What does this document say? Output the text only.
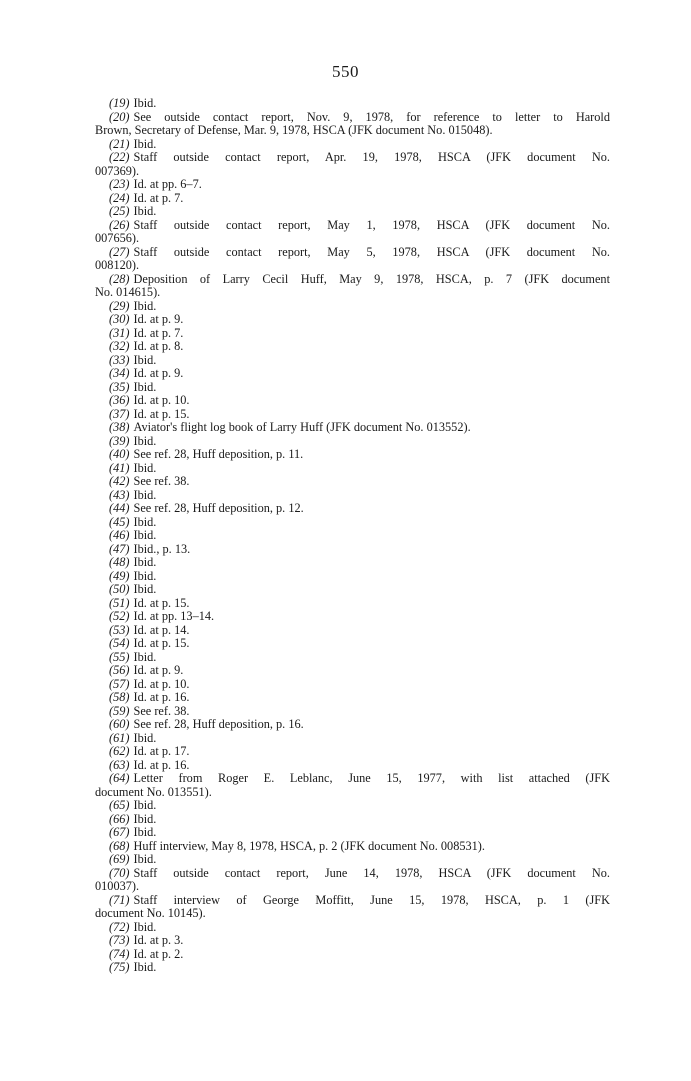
550
(19) Ibid.
(20) See outside contact report, Nov. 9, 1978, for reference to letter to Harold
Brown, Secretary of Defense, Mar. 9, 1978, HSCA (JFK document No. 015048).
(21) Ibid.
(22) Staff outside contact report, Apr. 19, 1978, HSCA (JFK document No.
007369).
(23) Id. at pp. 6–7.
(24) Id. at p. 7.
(25) Ibid.
(26) Staff outside contact report, May 1, 1978, HSCA (JFK document No.
007656).
(27) Staff outside contact report, May 5, 1978, HSCA (JFK document No.
008120).
(28) Deposition of Larry Cecil Huff, May 9, 1978, HSCA, p. 7 (JFK document
No. 014615).
(29) Ibid.
(30) Id. at p. 9.
(31) Id. at p. 7.
(32) Id. at p. 8.
(33) Ibid.
(34) Id. at p. 9.
(35) Ibid.
(36) Id. at p. 10.
(37) Id. at p. 15.
(38) Aviator's flight log book of Larry Huff (JFK document No. 013552).
(39) Ibid.
(40) See ref. 28, Huff deposition, p. 11.
(41) Ibid.
(42) See ref. 38.
(43) Ibid.
(44) See ref. 28, Huff deposition, p. 12.
(45) Ibid.
(46) Ibid.
(47) Ibid., p. 13.
(48) Ibid.
(49) Ibid.
(50) Ibid.
(51) Id. at p. 15.
(52) Id. at pp. 13–14.
(53) Id. at p. 14.
(54) Id. at p. 15.
(55) Ibid.
(56) Id. at p. 9.
(57) Id. at p. 10.
(58) Id. at p. 16.
(59) See ref. 38.
(60) See ref. 28, Huff deposition, p. 16.
(61) Ibid.
(62) Id. at p. 17.
(63) Id. at p. 16.
(64) Letter from Roger E. Leblanc, June 15, 1977, with list attached (JFK
document No. 013551).
(65) Ibid.
(66) Ibid.
(67) Ibid.
(68) Huff interview, May 8, 1978, HSCA, p. 2 (JFK document No. 008531).
(69) Ibid.
(70) Staff outside contact report, June 14, 1978, HSCA (JFK document No.
010037).
(71) Staff interview of George Moffitt, June 15, 1978, HSCA, p. 1 (JFK
document No. 10145).
(72) Ibid.
(73) Id. at p. 3.
(74) Id. at p. 2.
(75) Ibid.
